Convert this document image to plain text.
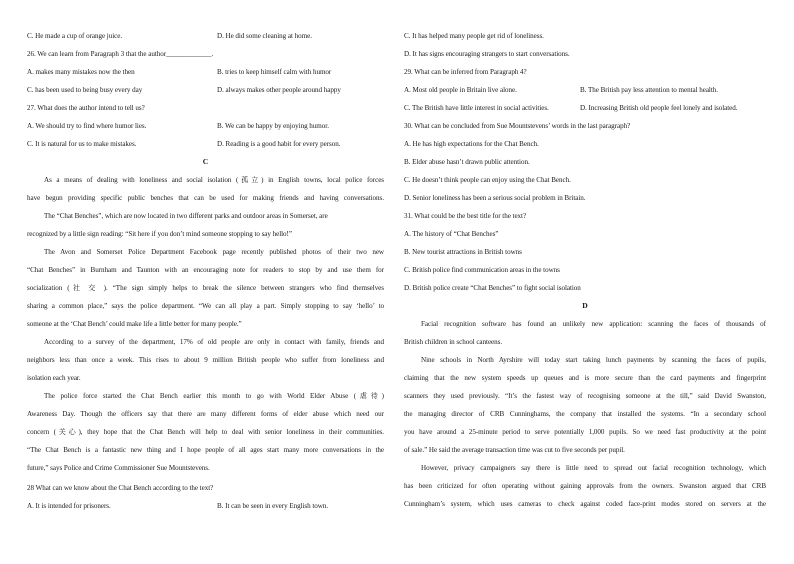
C. He made a cup of orange juice.	D. He did some cleaning at home.
26. We can learn from Paragraph 3 that the author_____________.
A. makes many mistakes now the then	B. tries to keep himself calm with humor
C. has been used to being busy every day	D. always makes other people around happy
27. What does the author intend to tell us?
A. We should try to find where humor lies.	B. We can be happy by enjoying humor.
C. It is natural for us to make mistakes.	D. Reading is a good habit for every person.
C
As a means of dealing with loneliness and social isolation (孤立) in English towns, local police forces
have begun providing specific public benches that can be used for making friends and having conversations.
The “Chat Benches”, which are now located in two different parks and outdoor areas in Somerset, are
recognized by a little sign reading: “Sit here if you don’t mind someone stopping to say hello!”
The Avon and Somerset Police Department Facebook page recently published photos of their two new
“Chat Benches” in Burnham and Taunton with an encouraging note for readers to stop by and use them for
socialization (社 交 ). “The sign simply helps to break the silence between strangers who find themselves
sharing a common place,” says the police department. “We can all play a part. Simply stopping to say ‘hello’ to
someone at the ‘Chat Bench’ could make life a little better for many people.”
According to a survey of the department, 17% of old people are only in contact with family, friends and
neighbors less than once a week. This rises to about 9 million British people who suffer from loneliness and
isolation each year.
The police force started the Chat Bench earlier this month to go with World Elder Abuse (虐待)
Awareness Day. Though the officers say that there are many different forms of elder abuse which need our
concern (关心), they hope that the Chat Bench will help to deal with senior loneliness in their communities.
“The Chat Bench is a fantastic new thing and I hope people of all ages start many more conversations in the
future,” says Police and Crime Commissioner Sue Mountstevens.
28 What can we know about the Chat Bench according to the text?
A. It is intended for prisoners.	B. It can be seen in every English town.
C. It has helped many people get rid of loneliness.
D. It has signs encouraging strangers to start conversations.
29. What can be inferred from Paragraph 4?
A. Most old people in Britain live alone.	B. The British pay less attention to mental health.
C. The British have little interest in social activities.	D. Increasing British old people feel lonely and isolated.
30. What can be concluded from Sue Mountstevens’ words in the last paragraph?
A. He has high expectations for the Chat Bench.
B. Elder abuse hasn’t drawn public attention.
C. He doesn’t think people can enjoy using the Chat Bench.
D. Senior loneliness has been a serious social problem in Britain.
31. What could be the best title for the text?
A. The history of “Chat Benches”
B. New tourist attractions in British towns
C. British police find communication areas in the towns
D. British police create “Chat Benches” to fight social isolation
D
Facial recognition software has found an unlikely new application: scanning the faces of thousands of
British children in school canteens.
Nine schools in North Ayrshire will today start taking lunch payments by scanning the faces of pupils,
claiming that the new system speeds up queues and is more secure than the card payments and fingerprint
scanners they used previously. “It’s the fastest way of recognising someone at the till,” said David Swanston,
the managing director of CRB Cunninghams, the company that installed the systems. “In a secondary school
you have around a 25-minute period to serve potentially 1,000 pupils. So we need fast productivity at the point
of sale.” He said the average transaction time was cut to five seconds per pupil.
However, privacy campaigners say there is little need to spread out facial recognition technology, which
has been criticized for often operating without gaining approvals from the owners. Swanston argued that CRB
Cunningham’s system, which uses cameras to check against coded face-print modes stored on servers at the
